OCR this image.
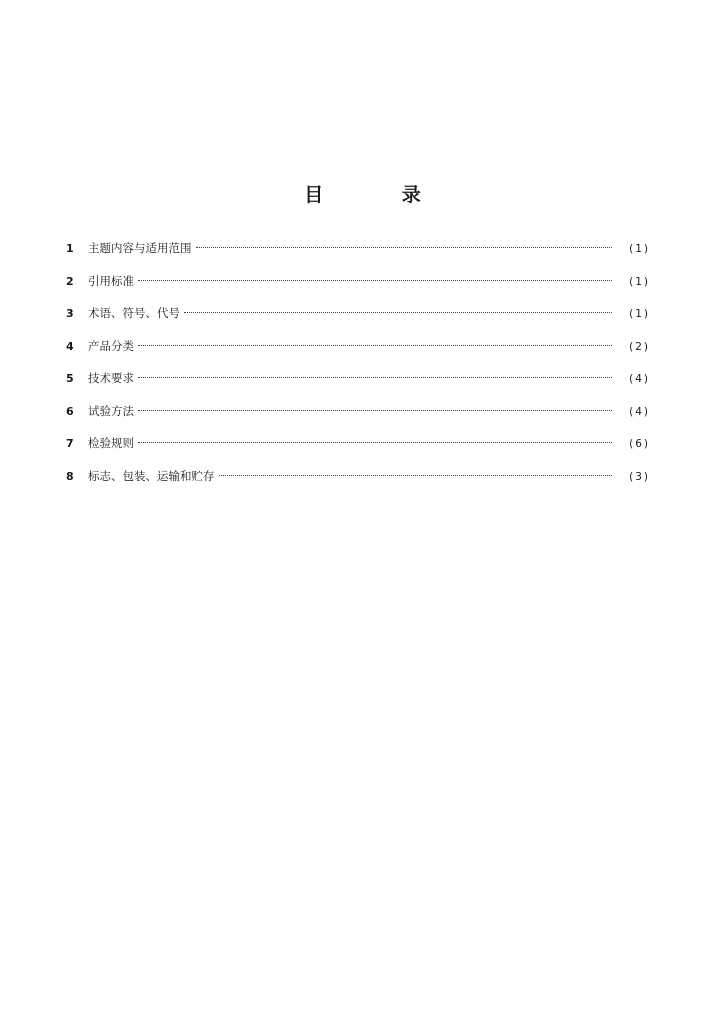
目 录
1	主题内容与适用范围	(1)
2	引用标准	(1)
3	术语、符号、代号	(1)
4	产品分类	(2)
5	技术要求	(4)
6	试验方法	(4)
7	检验规则	(6)
8	标志、包装、运输和贮存	(3)
